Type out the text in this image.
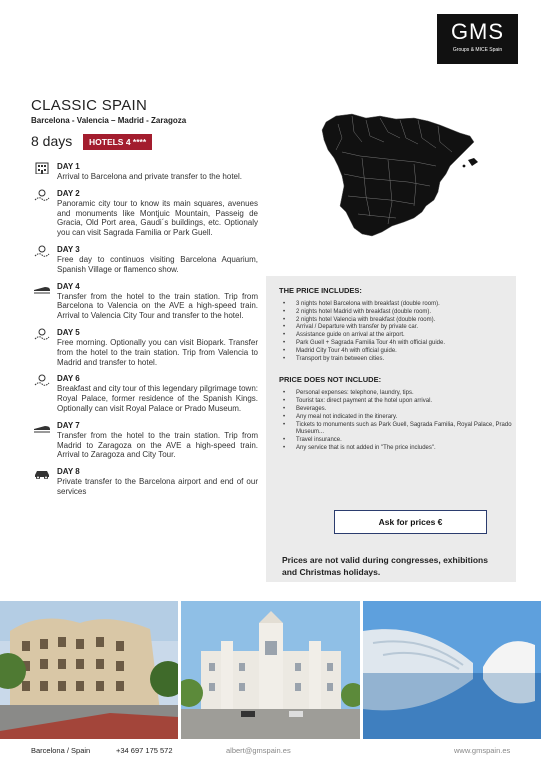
GMS
Groups & MICE Spain
CLASSIC SPAIN
Barcelona - Valencia – Madrid - Zaragoza
8 days	HOTELS 4 ****
DAY 1
Arrival to Barcelona and private transfer to the hotel.
DAY 2
Panoramic city tour to know its main squares, avenues and monuments like Montjuic Mountain, Passeig de Gracia, Old Port area, Gaudi´s buildings, etc. Optionaly you can visit Sagrada Familia or Park Guell.
DAY 3
Free day to continuos visiting Barcelona Aquarium, Spanish Village or flamenco show.
DAY 4
Transfer from the hotel to the train station. Trip from Barcelona to Valencia on the AVE a high-speed train. Arrival to Valencia City Tour and transfer to the hotel.
DAY 5
Free morning. Optionally you can visit Biopark. Transfer from the hotel to the train station. Trip from Valencia to Madrid and transfer to hotel.
DAY 6
Breakfast and city tour of this legendary pilgrimage town: Royal Palace, former residence of the Spanish Kings. Optionally can visit Royal Palace or Prado Museum.
DAY 7
Transfer from the hotel to the train station. Trip from Madrid to Zaragoza on the AVE a high-speed train. Arrival to Zaragoza and City Tour.
DAY 8
Private transfer to the Barcelona airport and end of our services
THE PRICE INCLUDES:
• 3 nights hotel Barcelona with breakfast (double room).
• 2 nights hotel Madrid with breakfast (double room).
• 2 nights hotel Valencia with breakfast (double room).
• Arrival / Departure with transfer by private car.
• Assistance guide on arrival at the airport.
• Park Guell + Sagrada Familia Tour 4h with official guide.
• Madrid City Tour 4h with official guide.
• Transport by train between cities.
PRICE DOES NOT INCLUDE:
• Personal expenses: telephone, laundry, tips.
• Tourist tax: direct payment at the hotel upon arrival.
• Beverages.
• Any meal not indicated in the itinerary.
• Tickets to monuments such as Park Guell, Sagrada Familia, Royal Palace, Prado Museum...
• Travel insurance.
• Any service that is not added in "The price includes".
Ask for prices €
Prices are not valid during congresses, exhibitions and Christmas holidays.
Barcelona / Spain	+34 697 175 572	albert@gmspain.es	www.gmspain.es
